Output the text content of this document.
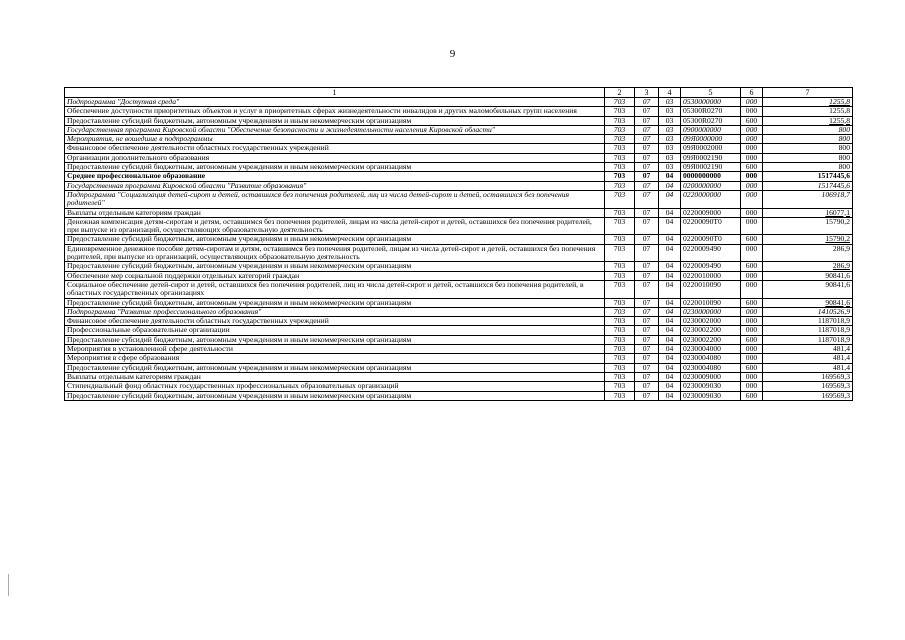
9
1	2	3	4	5	6	7
Подпрограмма "Доступная среда"	703	07	03	0530000000	000	1255,8
Обеспечение доступности приоритетных объектов и услуг в приоритетных сферах жизнедеятельности инвалидов и других маломобильных групп населения	703	07	03	05300R0270	000	1255,8
Предоставление субсидий бюджетным, автономным учреждениям и иным некоммерческим организациям	703	07	03	05300R0270	600	1255,8
Государственная программа Кировской области "Обеспечение безопасности и жизнедеятельности населения Кировской области"	703	07	03	0900000000	000	800
Мероприятия, не вошедшие в подпрограммы	703	07	03	09Я0000000	000	800
Финансовое обеспечение деятельности областных государственных учреждений	703	07	03	09Я0002000	000	800
Организации дополнительного образования	703	07	03	09Я0002190	000	800
Предоставление субсидий бюджетным, автономным учреждениям и иным некоммерческим организациям	703	07	03	09Я0002190	600	800
Среднее профессиональное образование	703	07	04	0000000000	000	1517445,6
Государственная программа Кировской области "Развитие образования"	703	07	04	0200000000	000	1517445,6
Подпрограмма "Социализация детей-сирот и детей, оставшихся без попечения родителей, лиц из числа детей-сирот и детей, оставшихся без попечения родителей"	703	07	04	0220000000	000	106918,7
Выплаты отдельным категориям граждан	703	07	04	0220009000	000	16077,1
Денежная компенсация детям-сиротам и детям, оставшимся без попечения родителей, лицам из числа детей-сирот и детей, оставшихся без попечения родителей, при выпуске из организаций, осуществляющих образовательную деятельность	703	07	04	02200090Т0	000	15790,2
Предоставление субсидий бюджетным, автономным учреждениям и иным некоммерческим организациям	703	07	04	02200090Т0	600	15790,2
Единовременное денежное пособие детям-сиротам и детям, оставшимся без попечения родителей, лицам из числа детей-сирот и детей, оставшихся без попечения родителей, при выпуске из организаций, осуществляющих образовательную деятельность	703	07	04	0220009490	000	286,9
Предоставление субсидий бюджетным, автономным учреждениям и иным некоммерческим организациям	703	07	04	0220009490	600	286,9
Обеспечение мер социальной поддержки отдельных категорий граждан	703	07	04	0220010000	000	90841,6
Социальное обеспечение детей-сирот и детей, оставшихся без попечения родителей, лиц из числа детей-сирот и детей, оставшихся без попечения родителей, в областных государственных организациях	703	07	04	0220010090	000	90841,6
Предоставление субсидий бюджетным, автономным учреждениям и иным некоммерческим организациям	703	07	04	0220010090	600	90841,6
Подпрограмма "Развитие профессионального образования"	703	07	04	0230000000	000	1410526,9
Финансовое обеспечение деятельности областных государственных учреждений	703	07	04	0230002000	000	1187018,9
Профессиональные образовательные организации	703	07	04	0230002200	000	1187018,9
Предоставление субсидий бюджетным, автономным учреждениям и иным некоммерческим организациям	703	07	04	0230002200	600	1187018,9
Мероприятия в установленной сфере деятельности	703	07	04	0230004000	000	481,4
Мероприятия в сфере образования	703	07	04	0230004080	000	481,4
Предоставление субсидий бюджетным, автономным учреждениям и иным некоммерческим организациям	703	07	04	0230004080	600	481,4
Выплаты отдельным категориям граждан	703	07	04	0230009000	000	169569,3
Стипендиальный фонд областных государственных профессиональных образовательных организаций	703	07	04	02300090З0	000	169569,3
Предоставление субсидий бюджетным, автономным учреждениям и иным некоммерческим организациям	703	07	04	02300090З0	600	169569,3
